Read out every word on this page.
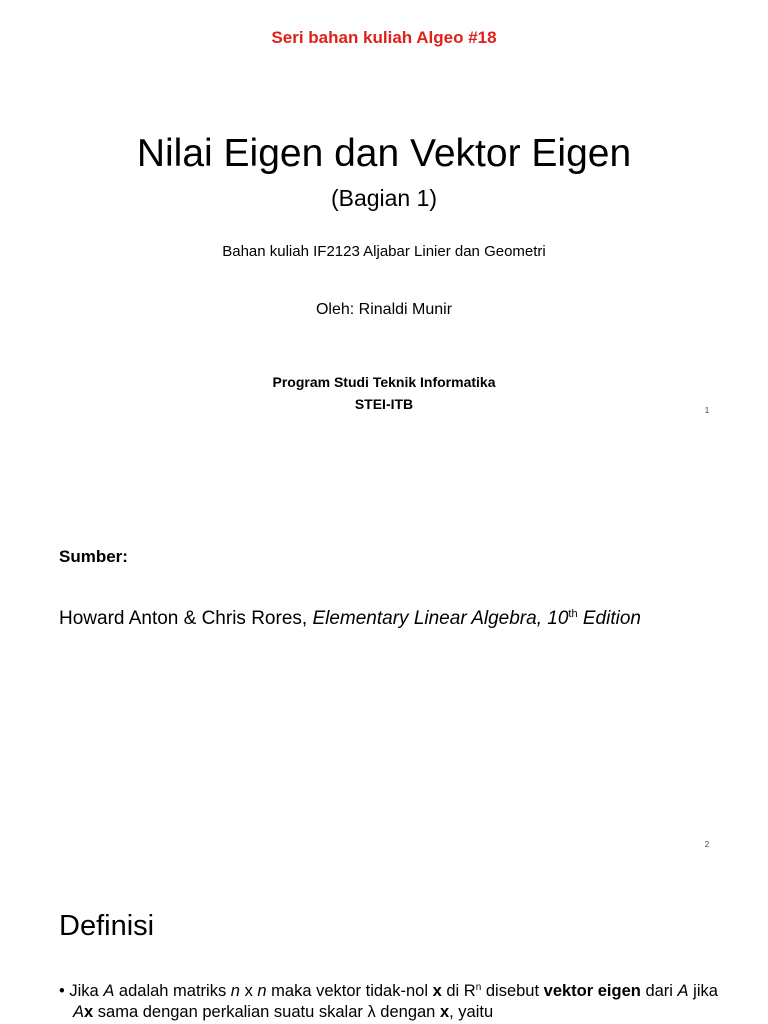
Seri bahan kuliah Algeo #18
Nilai Eigen dan Vektor Eigen
(Bagian 1)
Bahan kuliah IF2123 Aljabar Linier dan Geometri
Oleh: Rinaldi Munir
Program Studi Teknik Informatika
STEI-ITB	1
Sumber:
Howard Anton & Chris Rores, Elementary Linear Algebra, 10th Edition
2
Definisi
• Jika A adalah matriks n x n maka vektor tidak-nol x di $R^n$ disebut vektor eigen dari A jika Ax sama dengan perkalian suatu skalar λ dengan x, yaitu
